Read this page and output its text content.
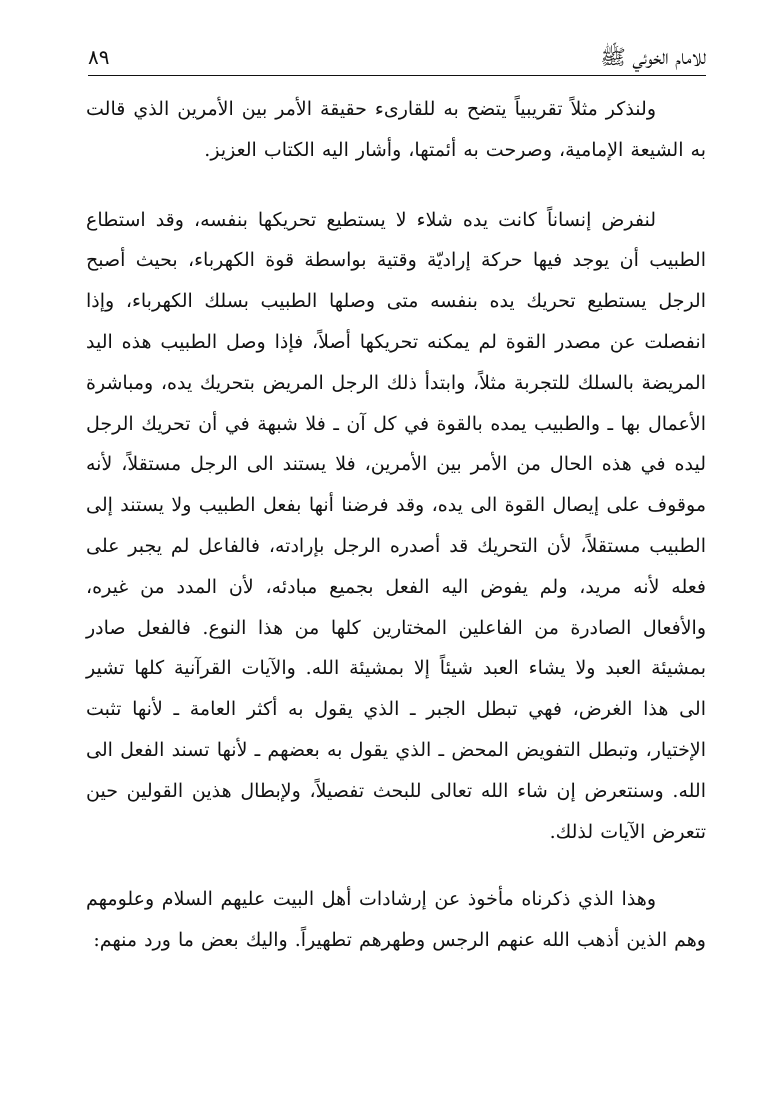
للامام الخوئي ﷺ
٨٩

ولنذكر مثلاً تقريبياً يتضح به للقارىء حقيقة الأمر بين الأمرين الذي قالت به الشيعة الإمامية، وصرحت به أئمتها، وأشار اليه الكتاب العزيز.

لنفرض إنساناً كانت يده شلاء لا يستطيع تحريكها بنفسه، وقد استطاع الطبيب أن يوجد فيها حركة إراديّة وقتية بواسطة قوة الكهرباء، بحيث أصبح الرجل يستطيع تحريك يده بنفسه متى وصلها الطبيب بسلك الكهرباء، وإذا انفصلت عن مصدر القوة لم يمكنه تحريكها أصلاً، فإذا وصل الطبيب هذه اليد المريضة بالسلك للتجربة مثلاً، وابتدأ ذلك الرجل المريض بتحريك يده، ومباشرة الأعمال بها ـ والطبيب يمده بالقوة في كل آن ـ فلا شبهة في أن تحريك الرجل ليده في هذه الحال من الأمر بين الأمرين، فلا يستند الى الرجل مستقلاً، لأنه موقوف على إيصال القوة الى يده، وقد فرضنا أنها بفعل الطبيب ولا يستند إلى الطبيب مستقلاً، لأن التحريك قد أصدره الرجل بإرادته، فالفاعل لم يجبر على فعله لأنه مريد، ولم يفوض اليه الفعل بجميع مبادئه، لأن المدد من غيره، والأفعال الصادرة من الفاعلين المختارين كلها من هذا النوع. فالفعل صادر بمشيئة العبد ولا يشاء العبد شيئاً إلا بمشيئة الله. والآيات القرآنية كلها تشير الى هذا الغرض، فهي تبطل الجبر ـ الذي يقول به أكثر العامة ـ لأنها تثبت الإختيار، وتبطل التفويض المحض ـ الذي يقول به بعضهم ـ لأنها تسند الفعل الى الله. وسنتعرض إن شاء الله تعالى للبحث تفصيلاً، ولإبطال هذين القولين حين تتعرض الآيات لذلك.

وهذا الذي ذكرناه مأخوذ عن إرشادات أهل البيت ⁣عليهم السلام⁣ وعلومهم وهم الذين أذهب الله عنهم الرجس وطهرهم تطهيراً. واليك بعض ما ورد منهم:
